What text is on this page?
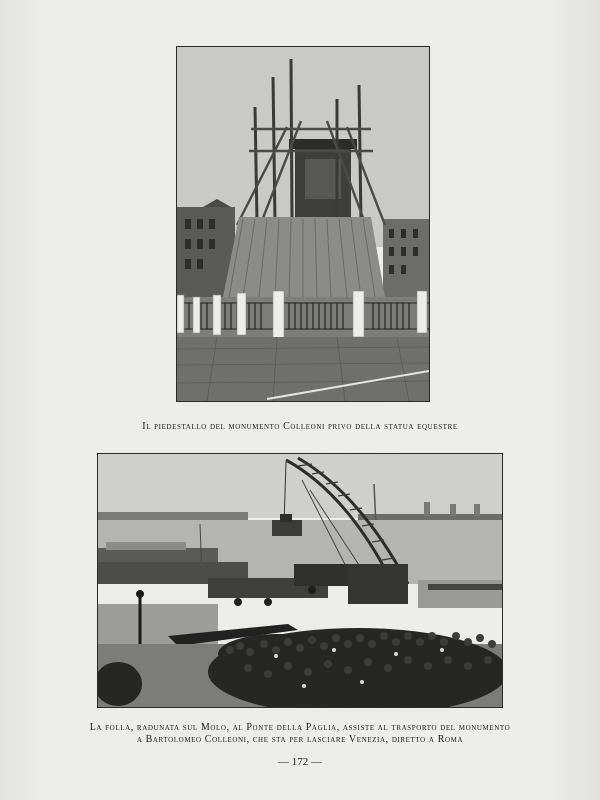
Il piedestallo del monumento Colleoni privo della statua equestre
La folla, radunata sul Molo, al Ponte della Paglia, assiste al trasporto del monumento
a Bartolomeo Colleoni, che sta per lasciare Venezia, diretto a Roma
— 172 —
